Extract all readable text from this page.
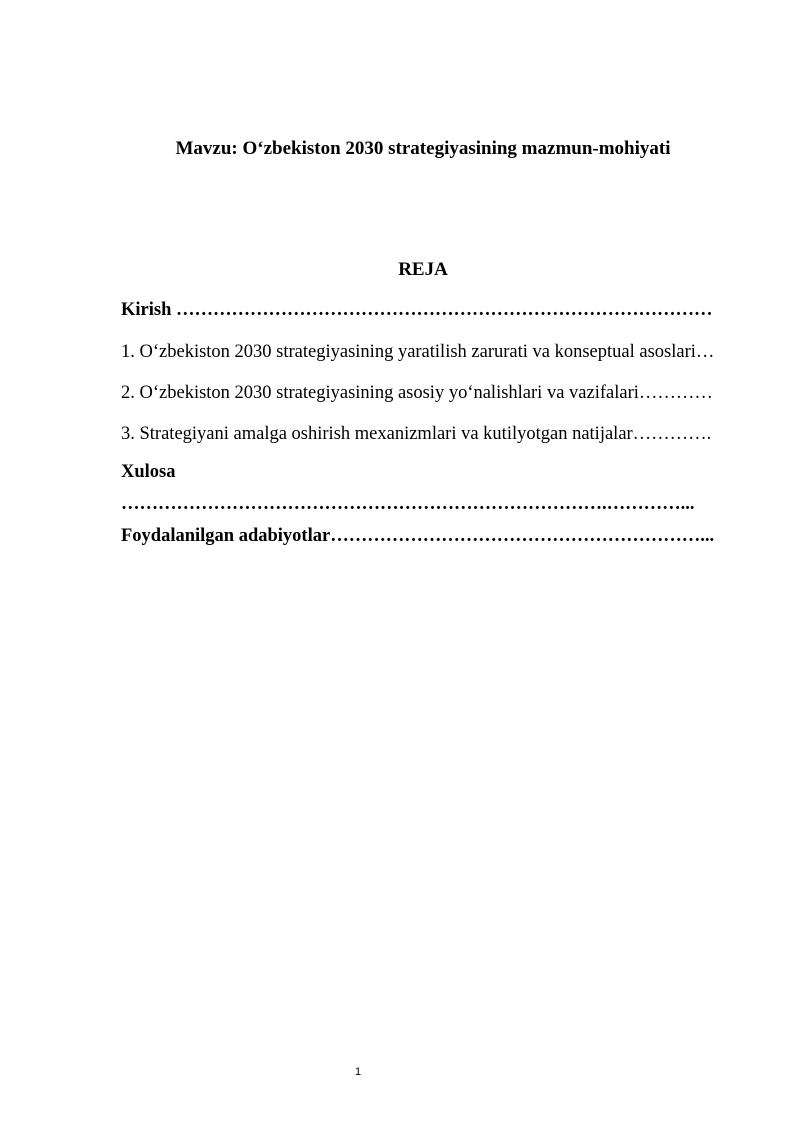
Mavzu: O‘zbekiston 2030 strategiyasining mazmun-mohiyati
REJA
Kirish ……………………………………………………………………………
1. O‘zbekiston 2030 strategiyasining yaratilish zarurati va konseptual asoslari…
2. O‘zbekiston 2030 strategiyasining asosiy yo‘nalishlari va vazifalari…………
3. Strategiyani amalga oshirish mexanizmlari va kutilyotgan natijalar………….
Xulosa
…………………………………………………………………….…………...
Foydalanilgan adabiyotlar……………………………………………………...
1
